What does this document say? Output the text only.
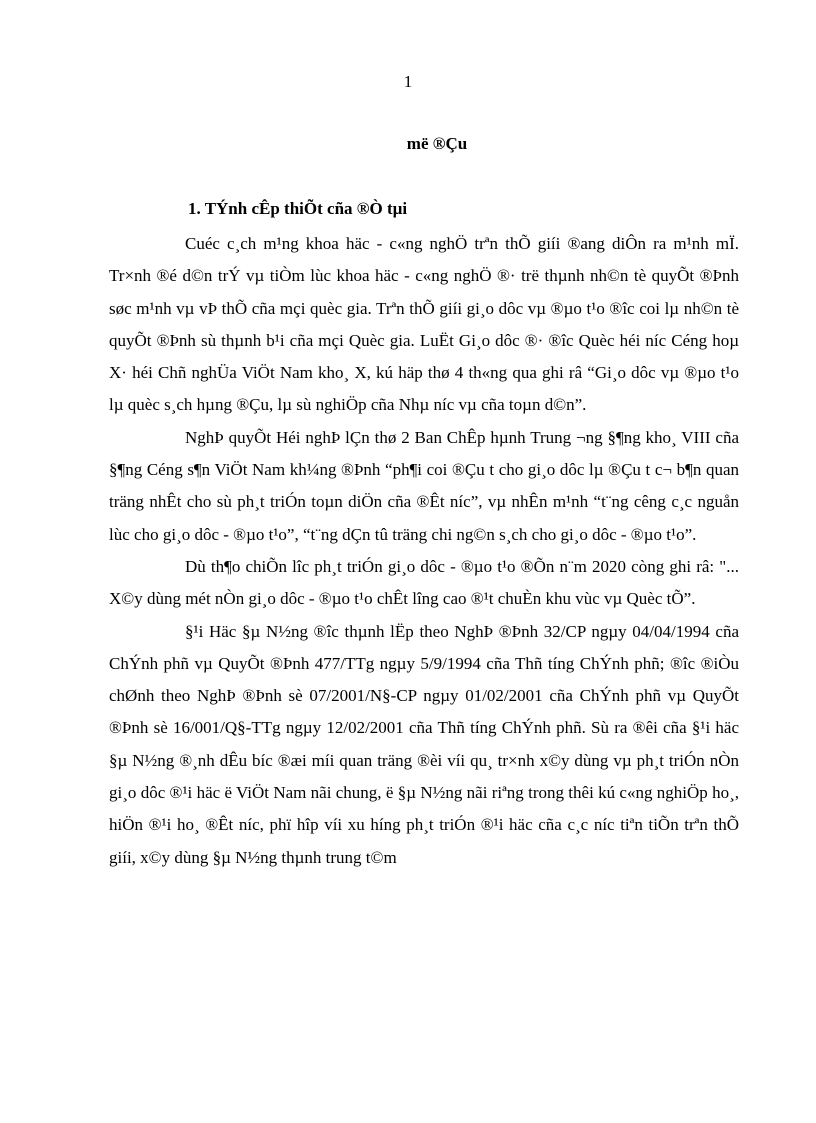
1
më ®Çu
1. TÝnh cÊp thiÕt cña ®Ò tµi

Cuéc c¸ch m¹ng khoa häc - c«ng nghÖ trªn thÕ giíi ®ang diÔn ra m¹nh mÏ. Tr×nh ®é d©n trÝ vµ tiÒm lùc khoa häc - c«ng nghÖ ®· trë thµnh nh©n tè quyÕt ®Þnh søc m¹nh vµ vÞ thÕ cña mçi quèc gia. Trªn thÕ giíi gi¸o dôc vµ ®µo t¹o ®îc coi lµ nh©n tè quyÕt ®Þnh sù thµnh b¹i cña mçi Quèc gia. LuËt Gi¸o dôc ®· ®îc Quèc héi níc Céng hoµ X· héi Chñ nghÜa ViÖt Nam kho¸ X, kú häp thø 4 th«ng qua ghi râ “Gi¸o dôc vµ ®µo t¹o lµ quèc s¸ch hµng ®Çu, lµ sù nghiÖp cña Nhµ níc vµ cña toµn d©n”.

NghÞ quyÕt Héi nghÞ lÇn thø 2 Ban ChÊp hµnh Trung ¬ng §¶ng kho¸ VIII cña §¶ng Céng s¶n ViÖt Nam kh¼ng ®Þnh “ph¶i coi ®Çu t cho gi¸o dôc lµ ®Çu t c¬ b¶n quan träng nhÊt cho sù ph¸t triÓn toµn diÖn cña ®Êt níc”, vµ nhÊn m¹nh “t¨ng cêng c¸c nguån lùc cho gi¸o dôc - ®µo t¹o”, “t¨ng dÇn tû träng chi ng©n s¸ch cho gi¸o dôc - ®µo t¹o”.

Dù th¶o chiÕn lîc ph¸t triÓn gi¸o dôc - ®µo t¹o ®Õn n¨m 2020 còng ghi râ: "... X©y dùng mét nÒn gi¸o dôc - ®µo t¹o chÊt lîng cao ®¹t chuÈn khu vùc vµ Quèc tÕ”.

§¹i Häc §µ N½ng ®îc thµnh lËp theo NghÞ ®Þnh 32/CP ngµy 04/04/1994 cña ChÝnh phñ vµ QuyÕt ®Þnh 477/TTg ngµy 5/9/1994 cña Thñ tíng ChÝnh phñ; ®îc ®iÒu chØnh theo NghÞ ®Þnh sè 07/2001/N§-CP ngµy 01/02/2001 cña ChÝnh phñ vµ QuyÕt ®Þnh sè 16/001/Q§-TTg ngµy 12/02/2001 cña Thñ tíng ChÝnh phñ. Sù ra ®êi cña §¹i häc §µ N½ng ®¸nh dÊu bíc ®æi míi quan träng ®èi víi qu¸ tr×nh x©y dùng vµ ph¸t triÓn nÒn gi¸o dôc ®¹i häc ë ViÖt Nam nãi chung, ë §µ N½ng nãi riªng trong thêi kú c«ng nghiÖp ho¸, hiÖn ®¹i ho¸ ®Êt níc, phï hîp víi xu híng ph¸t triÓn ®¹i häc cña c¸c níc tiªn tiÕn trªn thÕ giíi, x©y dùng §µ N½ng thµnh trung t©m
